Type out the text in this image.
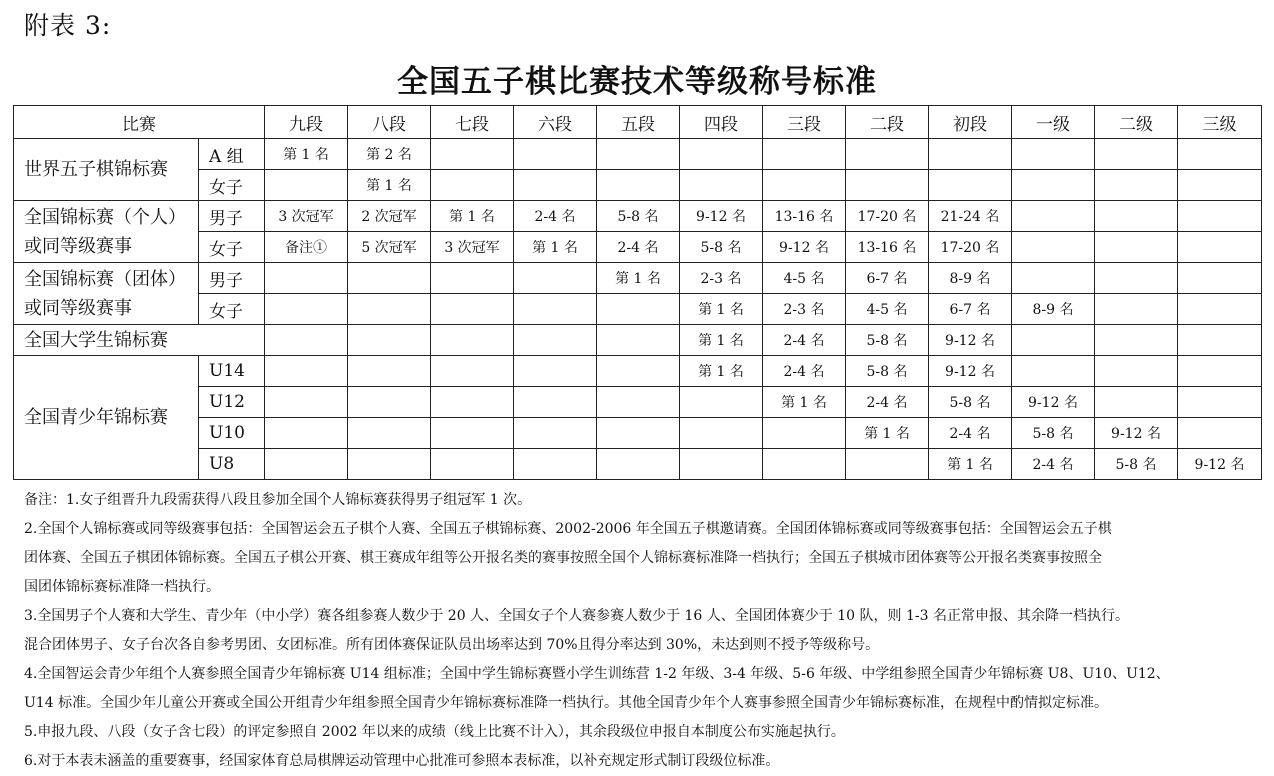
附表 3:
全国五子棋比赛技术等级称号标准
比赛		九段	八段	七段	六段	五段	四段	三段	二段	初段	一级	二级	三级

世界五子棋锦标赛	A 组	第 1 名	第 2 名										
	女子		第 1 名										

全国锦标赛（个人）
或同等级赛事	男子	3 次冠军	2 次冠军	第 1 名	2-4 名	5-8 名	9-12 名	13-16 名	17-20 名	21-24 名			
	女子	备注①	5 次冠军	3 次冠军	第 1 名	2-4 名	5-8 名	9-12 名	13-16 名	17-20 名			

全国锦标赛（团体）
或同等级赛事	男子					第 1 名	2-3 名	4-5 名	6-7 名	8-9 名			
	女子						第 1 名	2-3 名	4-5 名	6-7 名	8-9 名		

全国大学生锦标赛							第 1 名	2-4 名	5-8 名	9-12 名			

全国青少年锦标赛	U14						第 1 名	2-4 名	5-8 名	9-12 名			
	U12							第 1 名	2-4 名	5-8 名	9-12 名		
	U10								第 1 名	2-4 名	5-8 名	9-12 名	
	U8									第 1 名	2-4 名	5-8 名	9-12 名

备注：1.女子组晋升九段需获得八段且参加全国个人锦标赛获得男子组冠军 1 次。

2.全国个人锦标赛或同等级赛事包括：全国智运会五子棋个人赛、全国五子棋锦标赛、2002-2006 年全国五子棋邀请赛。全国团体锦标赛或同等级赛事包括：全国智运会五子棋

团体赛、全国五子棋团体锦标赛。全国五子棋公开赛、棋王赛成年组等公开报名类的赛事按照全国个人锦标赛标准降一档执行；全国五子棋城市团体赛等公开报名类赛事按照全

国团体锦标赛标准降一档执行。

3.全国男子个人赛和大学生、青少年（中小学）赛各组参赛人数少于 20 人、全国女子个人赛参赛人数少于 16 人、全国团体赛少于 10 队，则 1-3 名正常申报、其余降一档执行。

混合团体男子、女子台次各自参考男团、女团标准。所有团体赛保证队员出场率达到 70%且得分率达到 30%，未达到则不授予等级称号。

4.全国智运会青少年组个人赛参照全国青少年锦标赛 U14 组标准；全国中学生锦标赛暨小学生训练营 1-2 年级、3-4 年级、5-6 年级、中学组参照全国青少年锦标赛 U8、U10、U12、

U14 标准。全国少年儿童公开赛或全国公开组青少年组参照全国青少年锦标赛标准降一档执行。其他全国青少年个人赛事参照全国青少年锦标赛标准，在规程中酌情拟定标准。

5.申报九段、八段（女子含七段）的评定参照自 2002 年以来的成绩（线上比赛不计入），其余段级位申报自本制度公布实施起执行。

6.对于本表未涵盖的重要赛事，经国家体育总局棋牌运动管理中心批准可参照本表标准，以补充规定形式制订段级位标准。
